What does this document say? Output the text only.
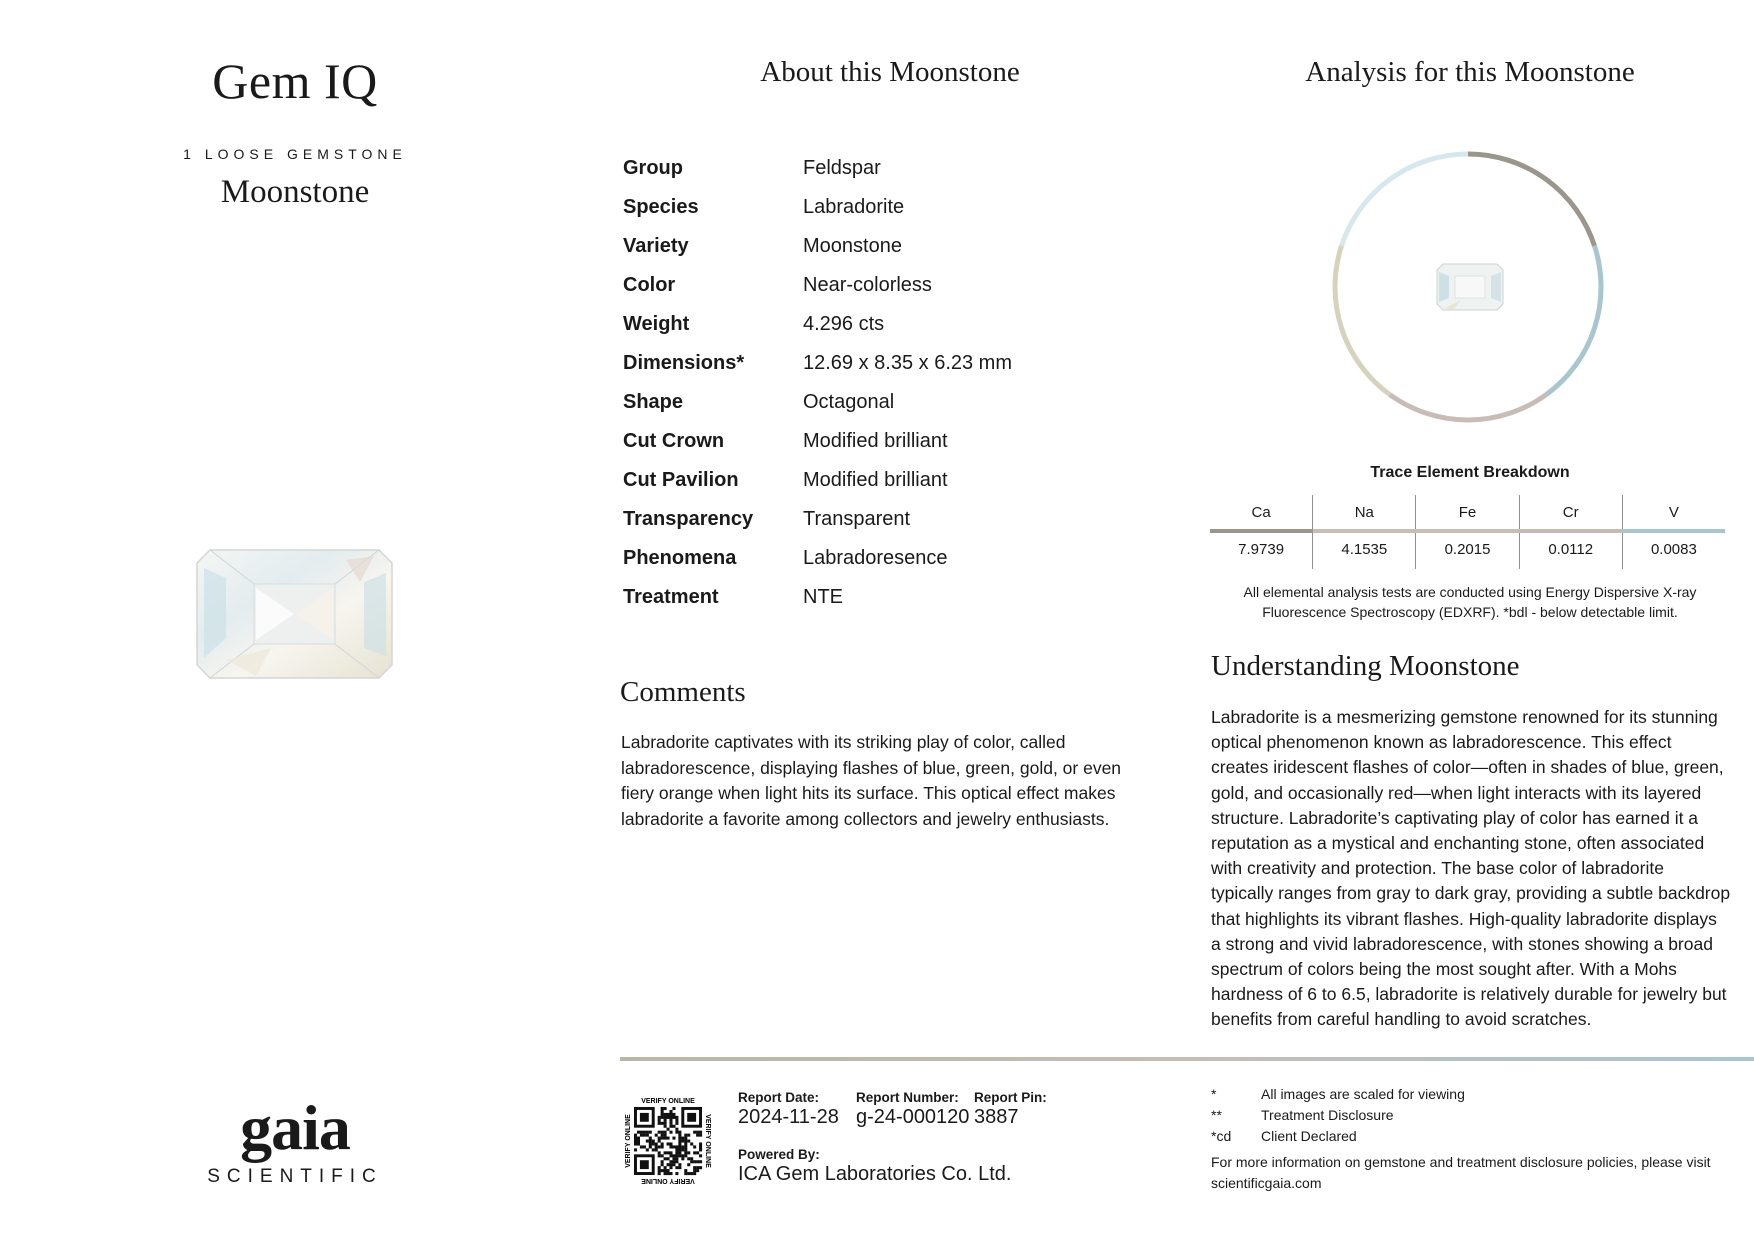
Gem IQ
1 LOOSE GEMSTONE
Moonstone
gaia
SCIENTIFIC
About this Moonstone
Group	Feldspar
Species	Labradorite
Variety	Moonstone
Color	Near-colorless
Weight	4.296 cts
Dimensions*	12.69 x 8.35 x 6.23 mm
Shape	Octagonal
Cut Crown	Modified brilliant
Cut Pavilion	Modified brilliant
Transparency	Transparent
Phenomena	Labradoresence
Treatment	NTE
Comments
Labradorite captivates with its striking play of color, called labradorescence, displaying flashes of blue, green, gold, or even fiery orange when light hits its surface. This optical effect makes labradorite a favorite among collectors and jewelry enthusiasts.
Analysis for this Moonstone
Trace Element Breakdown
Ca	Na	Fe	Cr	V
7.9739	4.1535	0.2015	0.0112	0.0083
All elemental analysis tests are conducted using Energy Dispersive X-ray Fluorescence Spectroscopy (EDXRF). *bdl - below detectable limit.
Understanding Moonstone
Labradorite is a mesmerizing gemstone renowned for its stunning optical phenomenon known as labradorescence. This effect creates iridescent flashes of color—often in shades of blue, green, gold, and occasionally red—when light interacts with its layered structure. Labradorite’s captivating play of color has earned it a reputation as a mystical and enchanting stone, often associated with creativity and protection. The base color of labradorite typically ranges from gray to dark gray, providing a subtle backdrop that highlights its vibrant flashes. High-quality labradorite displays a strong and vivid labradorescence, with stones showing a broad spectrum of colors being the most sought after. With a Mohs hardness of 6 to 6.5, labradorite is relatively durable for jewelry but benefits from careful handling to avoid scratches.
VERIFY ONLINE
VERIFY ONLINE
VERIFY ONLINE	VERIFY ONLINE
Report Date:
2024-11-28
Report Number:
g-24-000120
Report Pin:
3887
Powered By:
ICA Gem Laboratories Co. Ltd.
*	All images are scaled for viewing
**	Treatment Disclosure
*cd	Client Declared
For more information on gemstone and treatment disclosure policies, please visit scientificgaia.com
